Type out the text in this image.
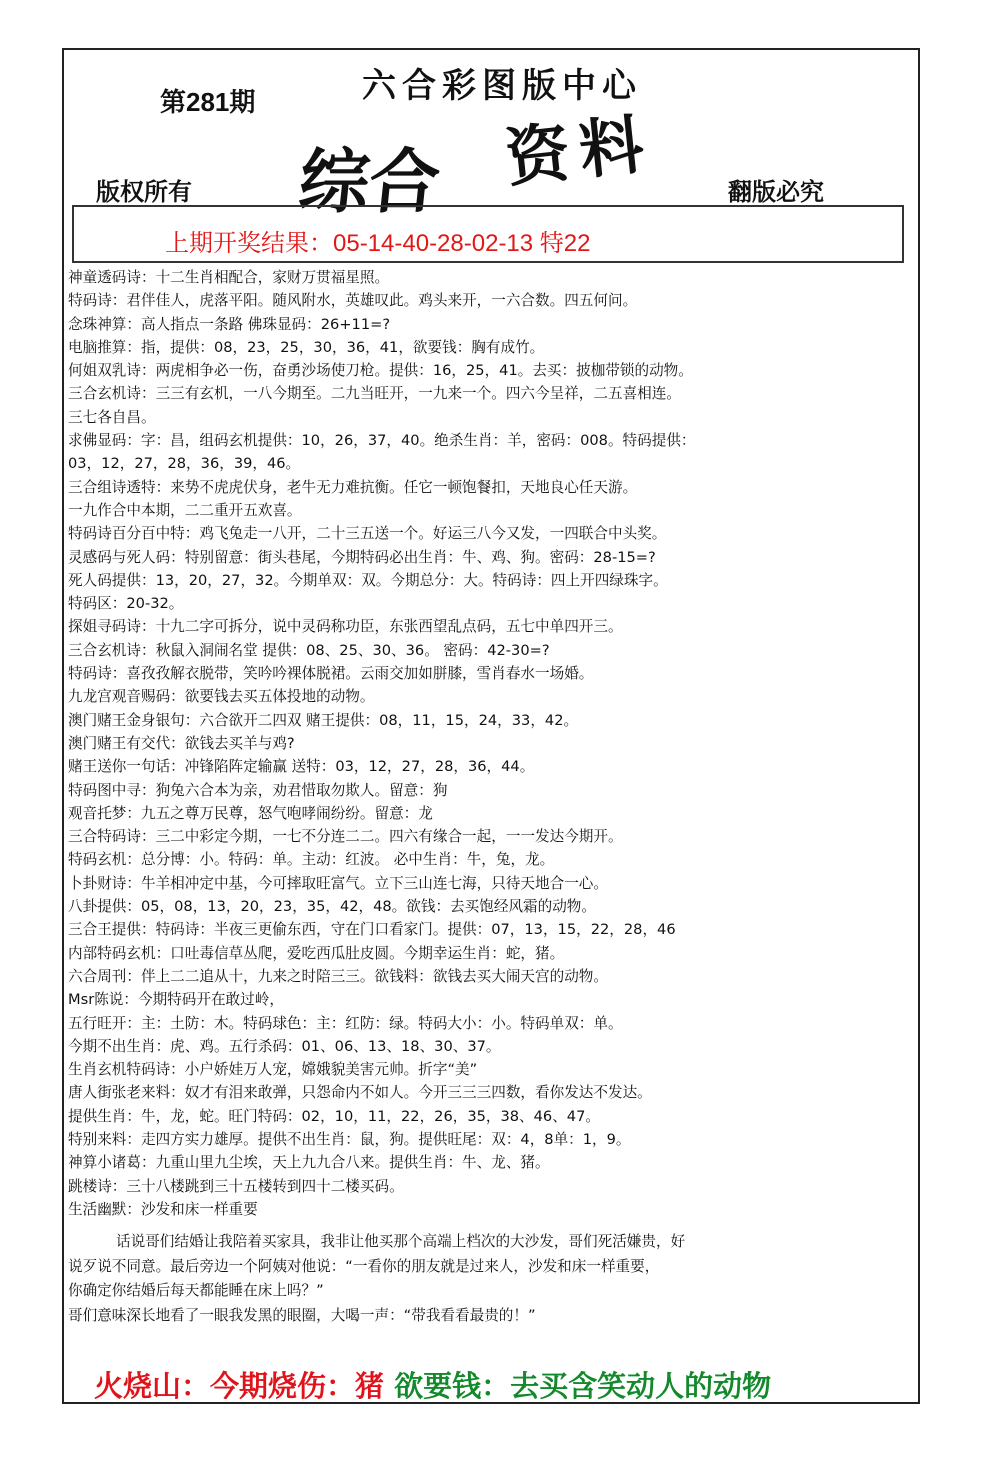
第281期	六合彩图版中心
综合 资料
版权所有	翻版必究
上期开奖结果：05-14-40-28-02-13 特22
神童透码诗：十二生肖相配合，家财万贯福星照。
特码诗：君伴佳人，虎落平阳。随风附水，英雄叹此。鸡头来开，一六合数。四五何问。
念珠神算：高人指点一条路 佛珠显码：26+11=?
电脑推算：指，提供：08，23，25，30，36，41，欲要钱：胸有成竹。
何姐双乳诗：两虎相争必一伤，奋勇沙场使刀枪。提供：16，25，41。去买：披枷带锁的动物。
三合玄机诗：三三有玄机，一八今期至。二九当旺开，一九来一个。四六今呈祥，二五喜相连。
三七各自昌。
求佛显码：字：昌，组码玄机提供：10，26，37，40。绝杀生肖：羊，密码：008。特码提供：
03，12，27，28，36，39，46。
三合组诗透特：来势不虎虎伏身，老牛无力难抗衡。任它一顿饱餐扣，天地良心任天游。
一九作合中本期，二二重开五欢喜。
特码诗百分百中特：鸡飞兔走一八开，二十三五送一个。好运三八今又发，一四联合中头奖。
灵感码与死人码：特别留意：街头巷尾，今期特码必出生肖：牛、鸡、狗。密码：28-15=?
死人码提供：13，20，27，32。今期单双：双。今期总分：大。特码诗：四上开四绿珠字。
特码区：20-32。
探姐寻码诗：十九二字可拆分，说中灵码称功臣，东张西望乱点码，五七中单四开三。
三合玄机诗：秋鼠入洞闹名堂 提供：08、25、30、36。 密码：42-30=?
特码诗：喜孜孜解衣脱带，笑吟吟裸体脱裙。云雨交加如胼膝，雪肖春水一场婚。
九龙宫观音赐码：欲要钱去买五体投地的动物。
澳门赌王金身银句：六合欲开二四双 赌王提供：08，11，15，24，33，42。
澳门赌王有交代：欲钱去买羊与鸡?
赌王送你一句话：冲锋陷阵定输赢 送特：03，12，27，28，36，44。
特码图中寻：狗兔六合本为亲，劝君惜取勿欺人。留意：狗
观音托梦：九五之尊万民尊，怒气咆哮闹纷纷。留意：龙
三合特码诗：三二中彩定今期，一七不分连二二。四六有缘合一起，一一发达今期开。
特码玄机：总分博：小。特码：单。主动：红波。 必中生肖：牛，兔，龙。
卜卦财诗：牛羊相冲定中基，今可摔取旺富气。立下三山连七海，只待天地合一心。
八卦提供：05，08，13，20，23，35，42，48。欲钱：去买饱经风霜的动物。
三合王提供：特码诗：半夜三更偷东西，守在门口看家门。提供：07，13，15，22，28，46
内部特码玄机：口吐毒信草丛爬，爱吃西瓜肚皮圆。今期幸运生肖：蛇，猪。
六合周刊：伴上二二追从十，九来之时陪三三。欲钱料：欲钱去买大闹天宫的动物。
Msr陈说：今期特码开在敢过岭，
五行旺开：主：土防：木。特码球色：主：红防：绿。特码大小：小。特码单双：单。
今期不出生肖：虎、鸡。五行杀码：01、06、13、18、30、37。
生肖玄机特码诗：小户娇娃万人宠，嫦娥貌美害元帅。折字“美”
唐人街张老来料：奴才有泪来敢弹，只怨命内不如人。今开三三三四数，看你发达不发达。
提供生肖：牛，龙，蛇。旺门特码：02，10，11，22，26，35，38、46、47。
特别来料：走四方实力雄厚。提供不出生肖：鼠，狗。提供旺尾：双：4，8单：1，9。
神算小诸葛：九重山里九尘埃，天上九九合八来。提供生肖：牛、龙、猪。
跳楼诗：三十八楼跳到三十五楼转到四十二楼买码。
生活幽默：沙发和床一样重要
话说哥们结婚让我陪着买家具，我非让他买那个高端上档次的大沙发，哥们死活嫌贵，好
说歹说不同意。最后旁边一个阿姨对他说：“一看你的朋友就是过来人，沙发和床一样重要，
你确定你结婚后每天都能睡在床上吗？”
哥们意味深长地看了一眼我发黑的眼圈，大喝一声：“带我看看最贵的！”
火烧山：今期烧伤：猪 欲要钱：去买含笑动人的动物
